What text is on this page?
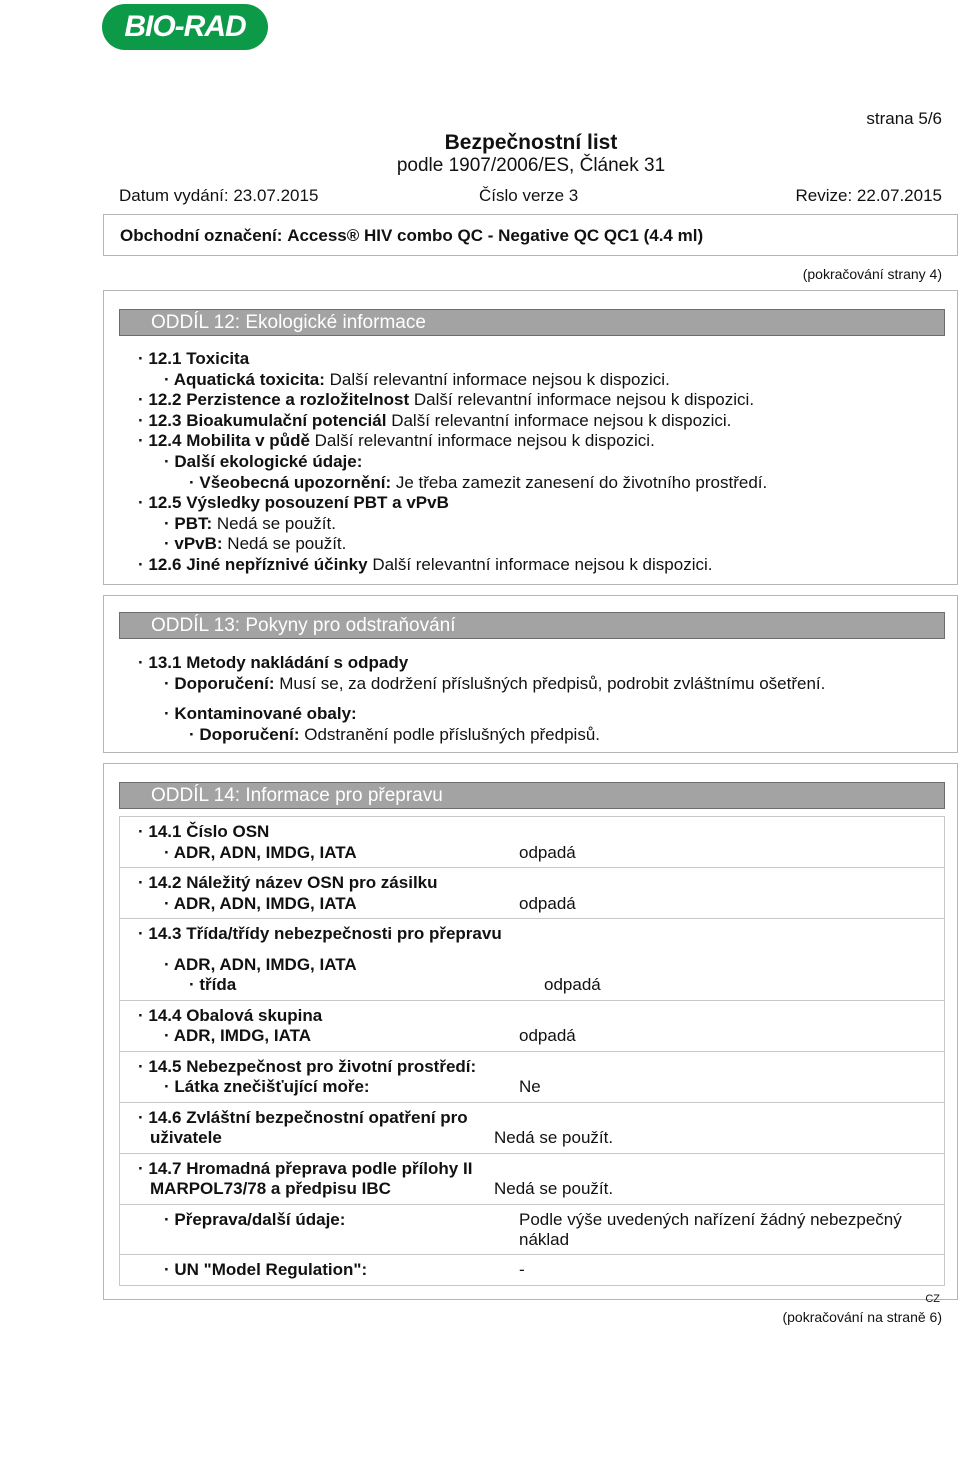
BIO-RAD
strana 5/6
Bezpečnostní list
podle 1907/2006/ES, Článek 31
Datum vydání: 23.07.2015	Číslo verze 3	Revize: 22.07.2015
Obchodní označení: Access® HIV combo QC - Negative QC QC1 (4.4 ml)
(pokračování strany 4)
ODDÍL 12: Ekologické informace
· 12.1 Toxicita
· Aquatická toxicita: Další relevantní informace nejsou k dispozici.
· 12.2 Perzistence a rozložitelnost Další relevantní informace nejsou k dispozici.
· 12.3 Bioakumulační potenciál Další relevantní informace nejsou k dispozici.
· 12.4 Mobilita v půdě Další relevantní informace nejsou k dispozici.
· Další ekologické údaje:
· Všeobecná upozornění: Je třeba zamezit zanesení do životního prostředí.
· 12.5 Výsledky posouzení PBT a vPvB
· PBT: Nedá se použít.
· vPvB: Nedá se použít.
· 12.6 Jiné nepříznivé účinky Další relevantní informace nejsou k dispozici.
ODDÍL 13: Pokyny pro odstraňování
· 13.1 Metody nakládání s odpady
· Doporučení: Musí se, za dodržení příslušných předpisů, podrobit zvláštnímu ošetření.
· Kontaminované obaly:
· Doporučení: Odstranění podle příslušných předpisů.
ODDÍL 14: Informace pro přepravu
· 14.1 Číslo OSN
· ADR, ADN, IMDG, IATA	odpadá
· 14.2 Náležitý název OSN pro zásilku
· ADR, ADN, IMDG, IATA	odpadá
· 14.3 Třída/třídy nebezpečnosti pro přepravu
· ADR, ADN, IMDG, IATA
· třída	odpadá
· 14.4 Obalová skupina
· ADR, IMDG, IATA	odpadá
· 14.5 Nebezpečnost pro životní prostředí:
· Látka znečišťující moře:	Ne
· 14.6 Zvláštní bezpečnostní opatření pro
uživatele	Nedá se použít.
· 14.7 Hromadná přeprava podle přílohy II
MARPOL73/78 a předpisu IBC	Nedá se použít.
· Přeprava/další údaje:	Podle výše uvedených nařízení žádný nebezpečný
náklad
· UN "Model Regulation":	-
CZ
(pokračování na straně 6)
